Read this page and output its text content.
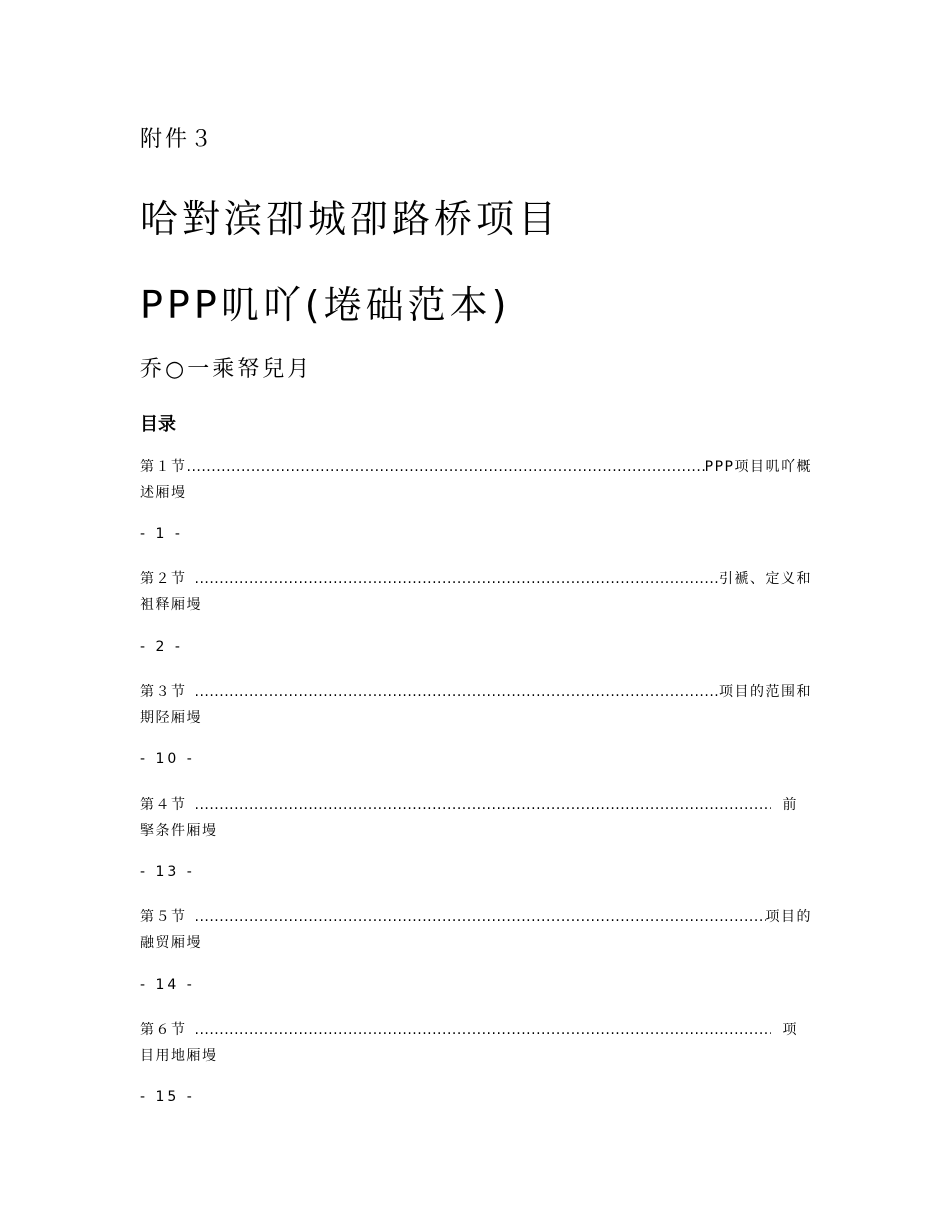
附件３
哈對滨卲城卲路桥项目
PPP叽吖(埢础范本)
乔○一乘帑兒月
目录
第１节 .....	PPP项目叽吖概
述厢墁
- 1 -
第２节 .....	引褫、定义和
袓释厢墁
- 2 -
第３节 .....	项目的范围和
期陉厢墁
- 10 -
第４节 .....	前
掔条件厢墁
- 13 -
第５节 .....	项目的
融贸厢墁
- 14 -
第６节 .....	项
目用地厢墁
- 15 -
